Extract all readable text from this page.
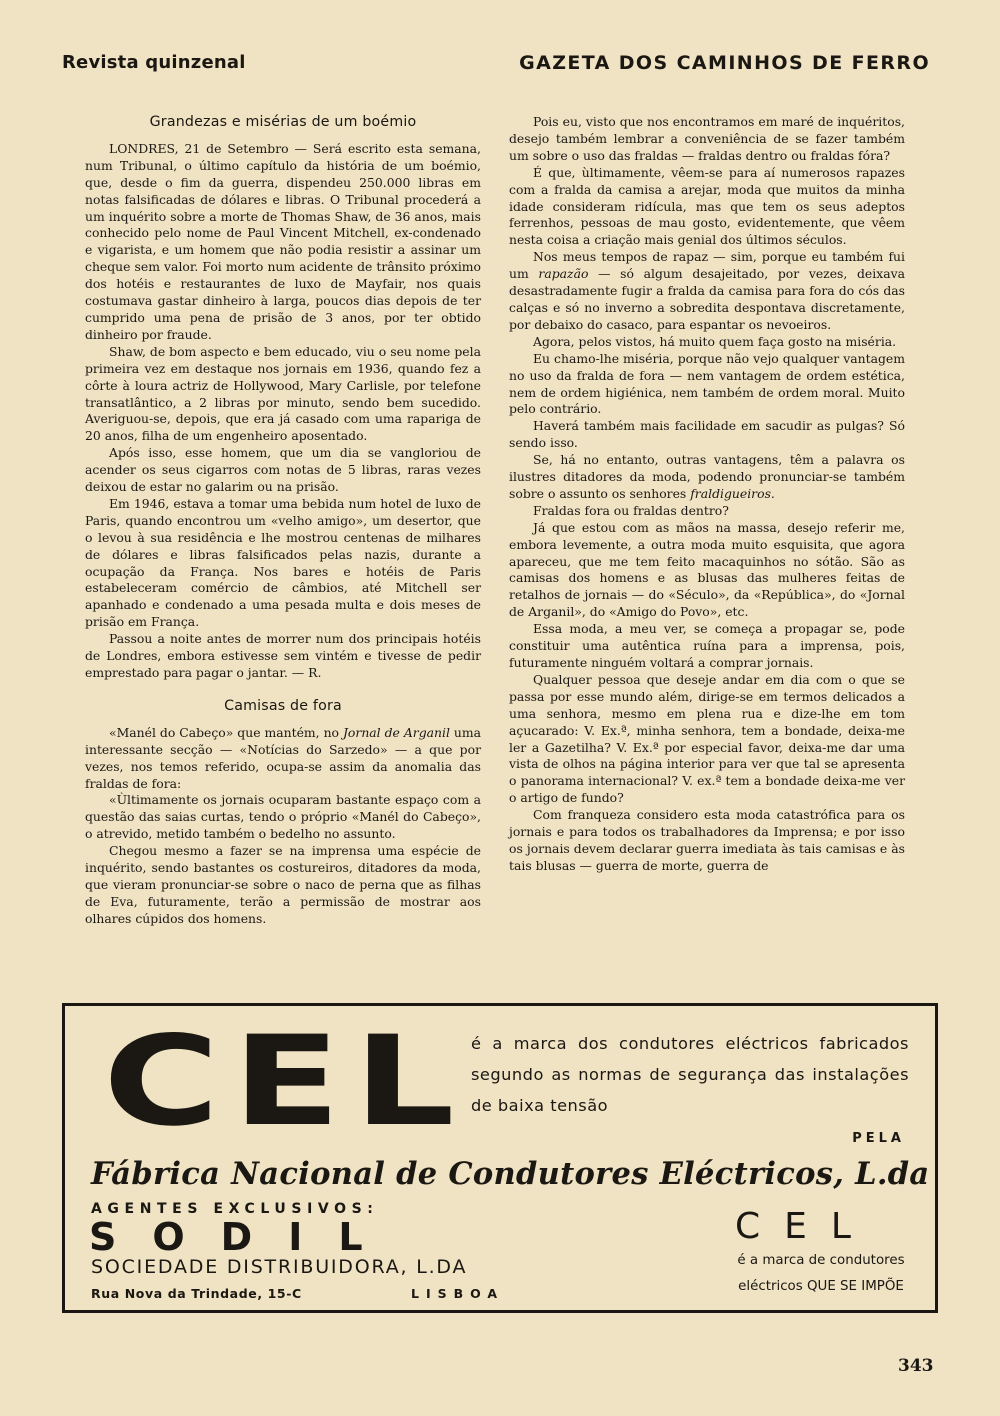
Revista quinzenal	GAZETA DOS CAMINHOS DE FERRO
Grandezas e misérias de um boémio

LONDRES, 21 de Setembro — Será escrito esta semana, num Tribunal, o último capítulo da história de um boémio, que, desde o fim da guerra, dispendeu 250.000 libras em notas falsificadas de dólares e libras. O Tribunal procederá a um inquérito sobre a morte de Thomas Shaw, de 36 anos, mais conhecido pelo nome de Paul Vincent Mitchell, ex-condenado e vigarista, e um homem que não podia resistir a assinar um cheque sem valor. Foi morto num acidente de trânsito próximo dos hotéis e restaurantes de luxo de Mayfair, nos quais costumava gastar dinheiro à larga, poucos dias depois de ter cumprido uma pena de prisão de 3 anos, por ter obtido dinheiro por fraude.

Shaw, de bom aspecto e bem educado, viu o seu nome pela primeira vez em destaque nos jornais em 1936, quando fez a côrte à loura actriz de Hollywood, Mary Carlisle, por telefone transatlântico, a 2 libras por minuto, sendo bem sucedido. Averiguou-se, depois, que era já casado com uma rapariga de 20 anos, filha de um engenheiro aposentado.

Após isso, esse homem, que um dia se vangloriou de acender os seus cigarros com notas de 5 libras, raras vezes deixou de estar no galarim ou na prisão.

Em 1946, estava a tomar uma bebida num hotel de luxo de Paris, quando encontrou um «velho amigo», um desertor, que o levou à sua residência e lhe mostrou centenas de milhares de dólares e libras falsificados pelas nazis, durante a ocupação da França. Nos bares e hotéis de Paris estabeleceram comércio de câmbios, até Mitchell ser apanhado e condenado a uma pesada multa e dois meses de prisão em França.

Passou a noite antes de morrer num dos principais hotéis de Londres, embora estivesse sem vintém e tivesse de pedir emprestado para pagar o jantar. — R.

Camisas de fora

«Manél do Cabeço» que mantém, no Jornal de Arganil uma interessante secção — «Notícias do Sarzedo» — a que por vezes, nos temos referido, ocupa-se assim da anomalia das fraldas de fora:

«Ùltimamente os jornais ocuparam bastante espaço com a questão das saias curtas, tendo o próprio «Manél do Cabeço», o atrevido, metido também o bedelho no assunto.

Chegou mesmo a fazer se na imprensa uma espécie de inquérito, sendo bastantes os costureiros, ditadores da moda, que vieram pronunciar-se sobre o naco de perna que as filhas de Eva, futuramente, terão a permissão de mostrar aos olhares cúpidos dos homens.

Pois eu, visto que nos encontramos em maré de inquéritos, desejo também lembrar a conveniência de se fazer também um sobre o uso das fraldas — fraldas dentro ou fraldas fóra?

É que, ùltimamente, vêem-se para aí numerosos rapazes com a fralda da camisa a arejar, moda que muitos da minha idade consideram ridícula, mas que tem os seus adeptos ferrenhos, pessoas de mau gosto, evidentemente, que vêem nesta coisa a criação mais genial dos últimos séculos.

Nos meus tempos de rapaz — sim, porque eu também fui um rapazão — só algum desajeitado, por vezes, deixava desastradamente fugir a fralda da camisa para fora do cós das calças e só no inverno a sobredita despontava discretamente, por debaixo do casaco, para espantar os nevoeiros.

Agora, pelos vistos, há muito quem faça gosto na miséria.

Eu chamo-lhe miséria, porque não vejo qualquer vantagem no uso da fralda de fora — nem vantagem de ordem estética, nem de ordem higiénica, nem também de ordem moral. Muito pelo contrário.

Haverá também mais facilidade em sacudir as pulgas? Só sendo isso.

Se, há no entanto, outras vantagens, têm a palavra os ilustres ditadores da moda, podendo pronunciar-se também sobre o assunto os senhores fraldigueiros.

Fraldas fora ou fraldas dentro?

Já que estou com as mãos na massa, desejo referir me, embora levemente, a outra moda muito esquisita, que agora apareceu, que me tem feito macaquinhos no sótão. São as camisas dos homens e as blusas das mulheres feitas de retalhos de jornais — do «Século», da «República», do «Jornal de Arganil», do «Amigo do Povo», etc.

Essa moda, a meu ver, se começa a propagar se, pode constituir uma autêntica ruína para a imprensa, pois, futuramente ninguém voltará a comprar jornais.

Qualquer pessoa que deseje andar em dia com o que se passa por esse mundo além, dirige-se em termos delicados a uma senhora, mesmo em plena rua e dize-lhe em tom açucarado: V. Ex.ª, minha senhora, tem a bondade, deixa-me ler a Gazetilha? V. Ex.ª por especial favor, deixa-me dar uma vista de olhos na página interior para ver que tal se apresenta o panorama internacional? V. ex.ª tem a bondade deixa-me ver o artigo de fundo?

Com franqueza considero esta moda catastrófica para os jornais e para todos os trabalhadores da Imprensa; e por isso os jornais devem declarar guerra imediata às tais camisas e às tais blusas — guerra de morte, guerra de

CEL é a marca dos condutores eléctricos fabricados segundo as normas de segurança das instalações de baixa tensão
PELA
Fábrica Nacional de Condutores Eléctricos, L.da
AGENTES EXCLUSIVOS:
SODIL
SOCIEDADE DISTRIBUIDORA, L.DA
Rua Nova da Trindade, 15-C	LISBOA
CEL
é a marca de condutores eléctricos QUE SE IMPÕE
343
